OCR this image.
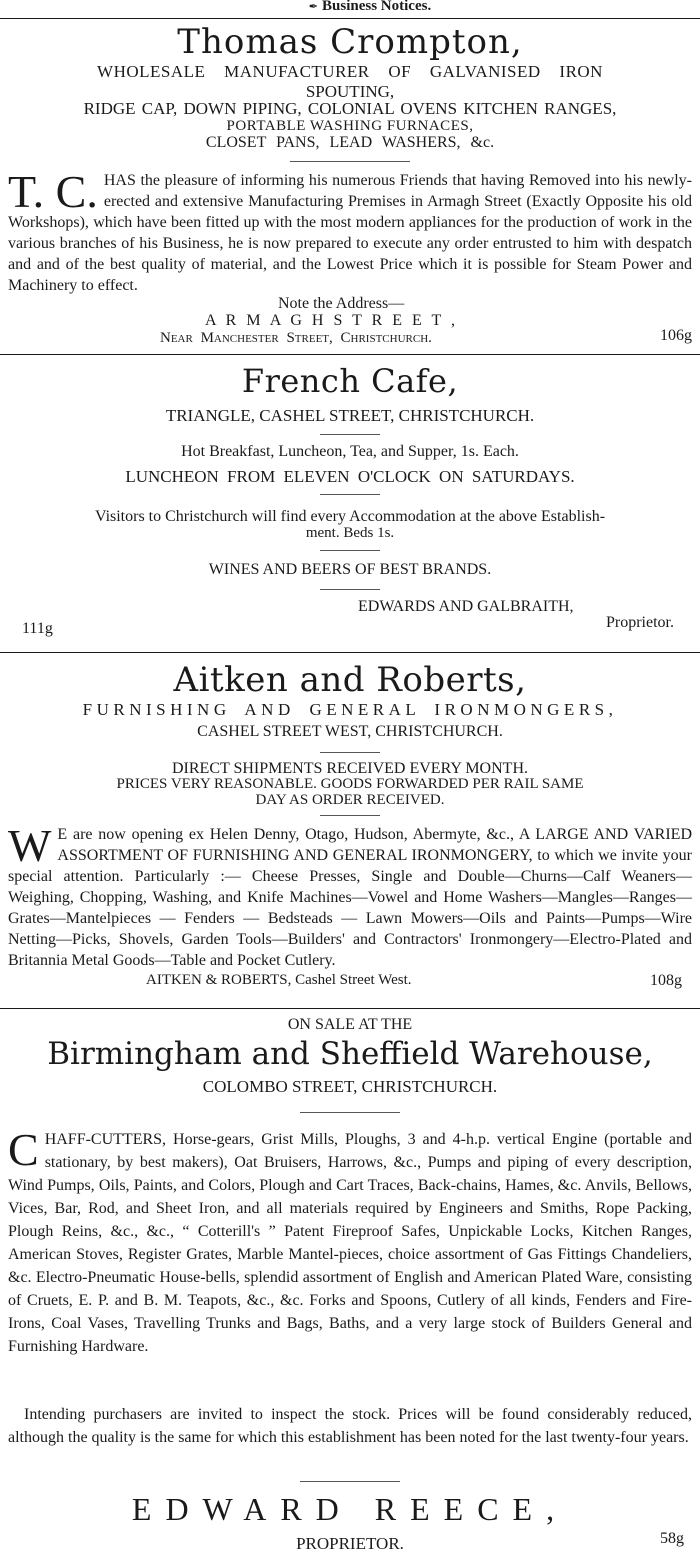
✒ Business Notices.
Thomas Crompton,
WHOLESALE MANUFACTURER OF GALVANISED IRON
SPOUTING,
RIDGE CAP, DOWN PIPING, COLONIAL OVENS KITCHEN RANGES,
PORTABLE WASHING FURNACES,
CLOSET PANS, LEAD WASHERS, &c.
T. C. HAS the pleasure of informing his numerous Friends that having Removed into his newly-erected and extensive Manufacturing Premises in Armagh Street (Exactly Opposite his old Workshops), which have been fitted up with the most modern appliances for the production of work in the various branches of his Business, he is now prepared to execute any order entrusted to him with despatch and and of the best quality of material, and the Lowest Price which it is possible for Steam Power and Machinery to effect.
Note the Address—
A R M A G H S T R E E T ,
Near Manchester Street, Christchurch.	106g
French Cafe,
TRIANGLE, CASHEL STREET, CHRISTCHURCH.
Hot Breakfast, Luncheon, Tea, and Supper, 1s. Each.
LUNCHEON FROM ELEVEN O'CLOCK ON SATURDAYS.
Visitors to Christchurch will find every Accommodation at the above Establish-
ment. Beds 1s.
WINES AND BEERS OF BEST BRANDS.
EDWARDS AND GALBRAITH,
111g	Proprietor.
Aitken and Roberts,
FURNISHING AND GENERAL IRONMONGERS,
CASHEL STREET WEST, CHRISTCHURCH.
DIRECT SHIPMENTS RECEIVED EVERY MONTH.
PRICES VERY REASONABLE. GOODS FORWARDED PER RAIL SAME
DAY AS ORDER RECEIVED.
W E are now opening ex Helen Denny, Otago, Hudson, Abermyte, &c., A LARGE AND VARIED ASSORTMENT OF FURNISHING AND GENERAL IRONMONGERY, to which we invite your special attention. Particularly :— Cheese Presses, Single and Double—Churns—Calf Weaners—Weighing, Chopping, Washing, and Knife Machines—Vowel and Home Washers—Mangles—Ranges—Grates—Mantelpieces — Fenders — Bedsteads — Lawn Mowers—Oils and Paints—Pumps—Wire Netting—Picks, Shovels, Garden Tools—Builders' and Contractors' Ironmongery—Electro-Plated and Britannia Metal Goods—Table and Pocket Cutlery.
AITKEN & ROBERTS, Cashel Street West.	108g
ON SALE AT THE
Birmingham and Sheffield Warehouse,
COLOMBO STREET, CHRISTCHURCH.
CHAFF-CUTTERS, Horse-gears, Grist Mills, Ploughs, 3 and 4-h.p. vertical Engine (portable and stationary, by best makers), Oat Bruisers, Harrows, &c., Pumps and piping of every description, Wind Pumps, Oils, Paints, and Colors, Plough and Cart Traces, Back-chains, Hames, &c. Anvils, Bellows, Vices, Bar, Rod, and Sheet Iron, and all materials required by Engineers and Smiths, Rope Packing, Plough Reins, &c., &c., “ Cotterill's ” Patent Fireproof Safes, Unpickable Locks, Kitchen Ranges, American Stoves, Register Grates, Marble Mantel-pieces, choice assortment of Gas Fittings Chandeliers, &c. Electro-Pneumatic House-bells, splendid assortment of English and American Plated Ware, consisting of Cruets, E. P. and B. M. Teapots, &c., &c. Forks and Spoons, Cutlery of all kinds, Fenders and Fire-Irons, Coal Vases, Travelling Trunks and Bags, Baths, and a very large stock of Builders General and Furnishing Hardware.
Intending purchasers are invited to inspect the stock. Prices will be found considerably reduced, although the quality is the same for which this establishment has been noted for the last twenty-four years.
EDWARD REECE,
PROPRIETOR.	58g
